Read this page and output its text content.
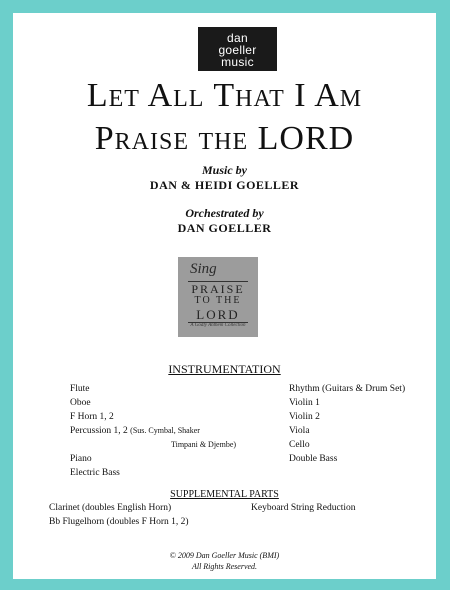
dan
goeller
music
Let All That I Am
Praise the LORD
Music by
DAN & HEIDI GOELLER
Orchestrated by
DAN GOELLER
Sing
PRAISE
TO THE
LORD
A Godly Anthem Collection
INSTRUMENTATION
Flute
Oboe
F Horn 1, 2
Percussion 1, 2 (Sus. Cymbal, Shaker
Timpani & Djembe)
Piano
Electric Bass
Rhythm (Guitars & Drum Set)
Violin 1
Violin 2
Viola
Cello
Double Bass
SUPPLEMENTAL PARTS
Clarinet (doubles English Horn)
Bb Flugelhorn (doubles F Horn 1, 2)
Keyboard String Reduction
© 2009 Dan Goeller Music (BMI)
All Rights Reserved.
